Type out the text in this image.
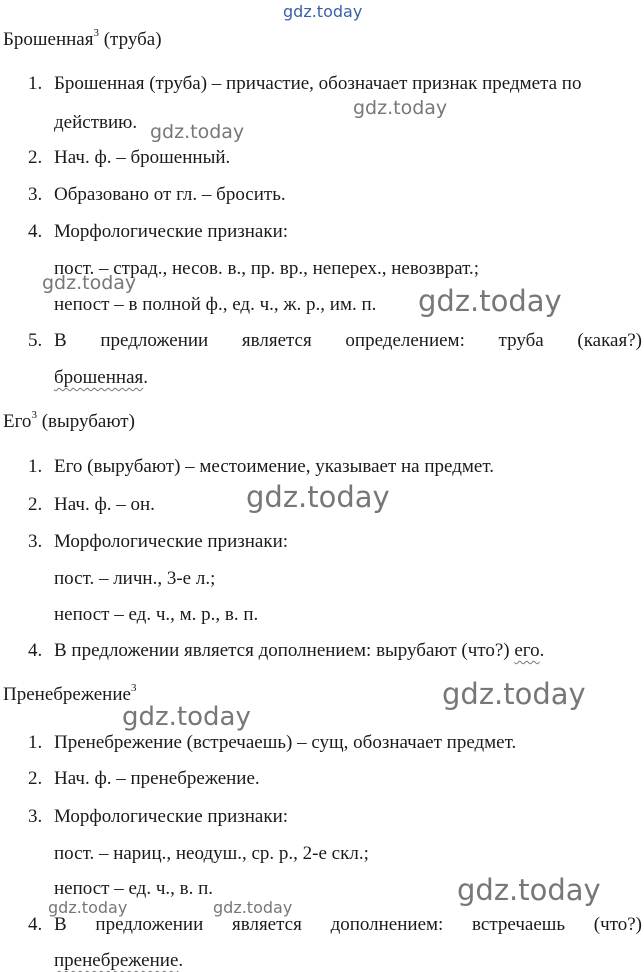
Брошенная$^3$ (труба)
1. Брошенная (труба) – причастие, обозначает признак предмета по
действию.
2. Нач. ф. – брошенный.
3. Образовано от гл. – бросить.
4. Морфологические признаки:
пост. – страд., несов. в., пр. вр., неперех., невозврат.;
непост – в полной ф., ед. ч., ж. р., им. п.
5. В предложении является определением: труба (какая?)
брошенная.
Его$^3$ (вырубают)
1. Его (вырубают) – местоимение, указывает на предмет.
2. Нач. ф. – он.
3. Морфологические признаки:
пост. – личн., 3-е л.;
непост – ед. ч., м. р., в. п.
4. В предложении является дополнением: вырубают (что?) его.
Пренебрежение$^3$
1. Пренебрежение (встречаешь) – сущ, обозначает предмет.
2. Нач. ф. – пренебрежение.
3. Морфологические признаки:
пост. – нариц., неодуш., ср. р., 2-е скл.;
непост – ед. ч., в. п.
4. В предложении является дополнением: встречаешь (что?)
пренебрежение.
gdz.today
gdz.today
gdz.today
gdz.today
gdz.today
gdz.today
gdz.today
gdz.today
gdz.today
gdz.today	gdz.today
